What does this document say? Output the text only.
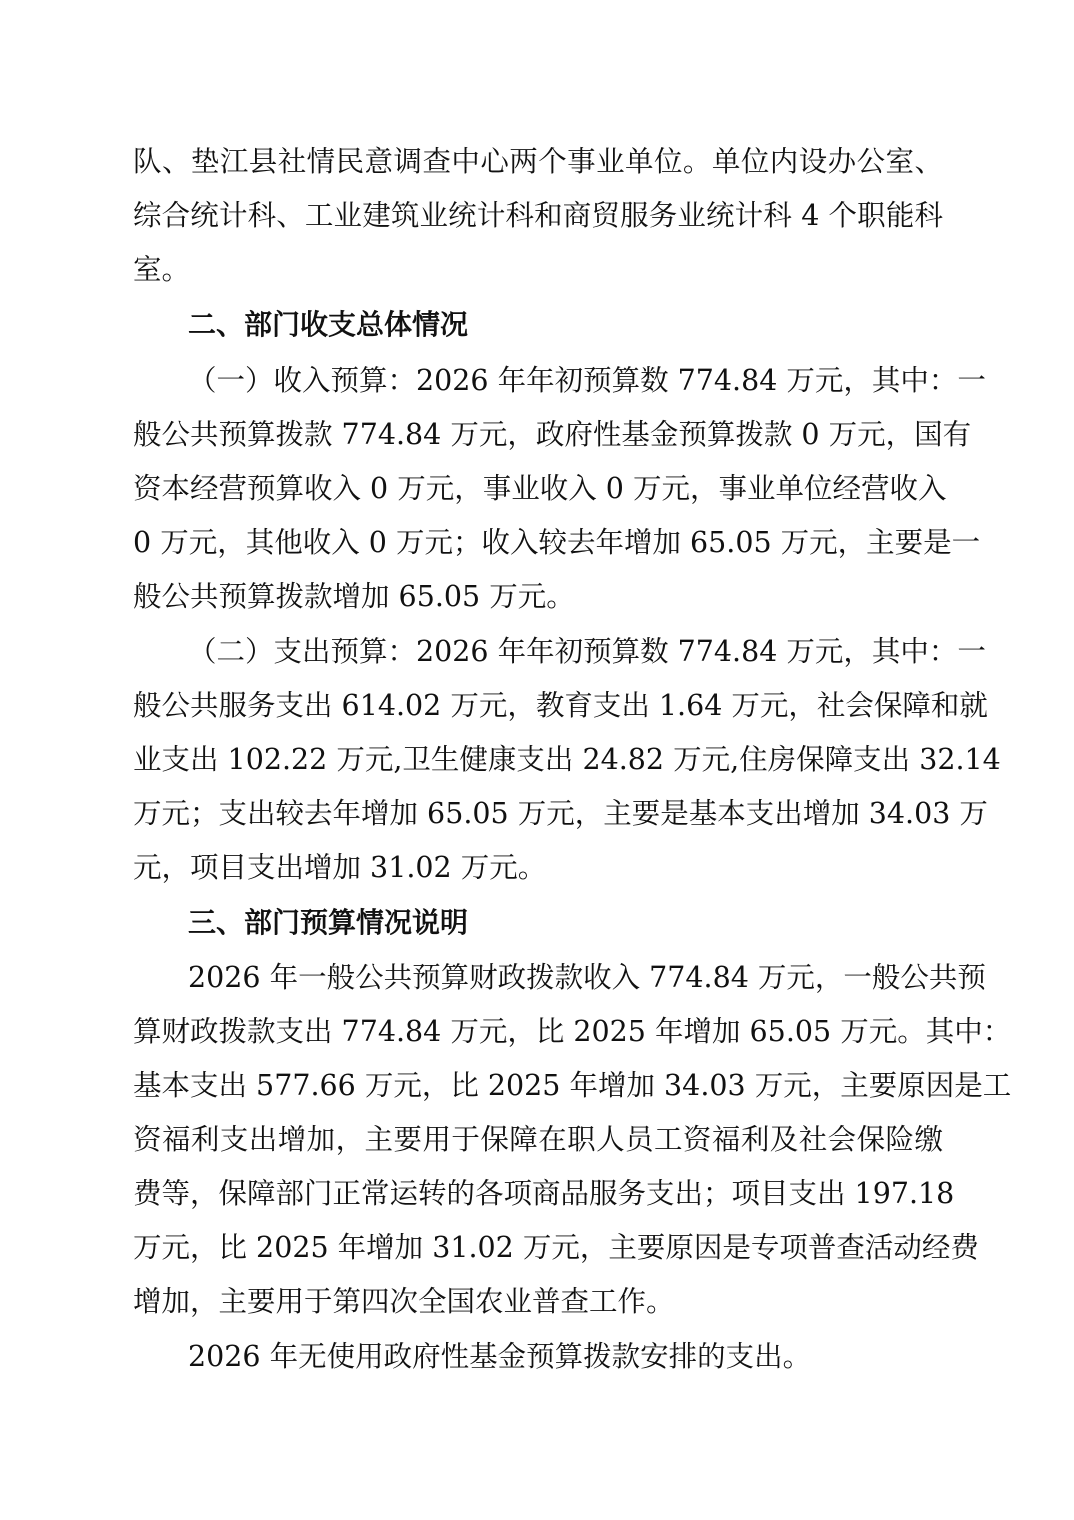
队、垫江县社情民意调查中心两个事业单位。单位内设办公室、
综合统计科、工业建筑业统计科和商贸服务业统计科 4 个职能科
室。
二、部门收支总体情况
（一）收入预算：2026 年年初预算数 774.84 万元，其中：一
般公共预算拨款 774.84 万元，政府性基金预算拨款 0 万元，国有
资本经营预算收入 0 万元，事业收入 0 万元，事业单位经营收入
0 万元，其他收入 0 万元；收入较去年增加 65.05 万元，主要是一
般公共预算拨款增加 65.05 万元。
（二）支出预算：2026 年年初预算数 774.84 万元，其中：一
般公共服务支出 614.02 万元，教育支出 1.64 万元，社会保障和就
业支出 102.22 万元,卫生健康支出 24.82 万元,住房保障支出 32.14
万元；支出较去年增加 65.05 万元，主要是基本支出增加 34.03 万
元，项目支出增加 31.02 万元。
三、部门预算情况说明
2026 年一般公共预算财政拨款收入 774.84 万元，一般公共预
算财政拨款支出 774.84 万元，比 2025 年增加 65.05 万元。其中：
基本支出 577.66 万元，比 2025 年增加 34.03 万元，主要原因是工
资福利支出增加，主要用于保障在职人员工资福利及社会保险缴
费等，保障部门正常运转的各项商品服务支出；项目支出 197.18
万元，比 2025 年增加 31.02 万元，主要原因是专项普查活动经费
增加，主要用于第四次全国农业普查工作。
2026 年无使用政府性基金预算拨款安排的支出。
